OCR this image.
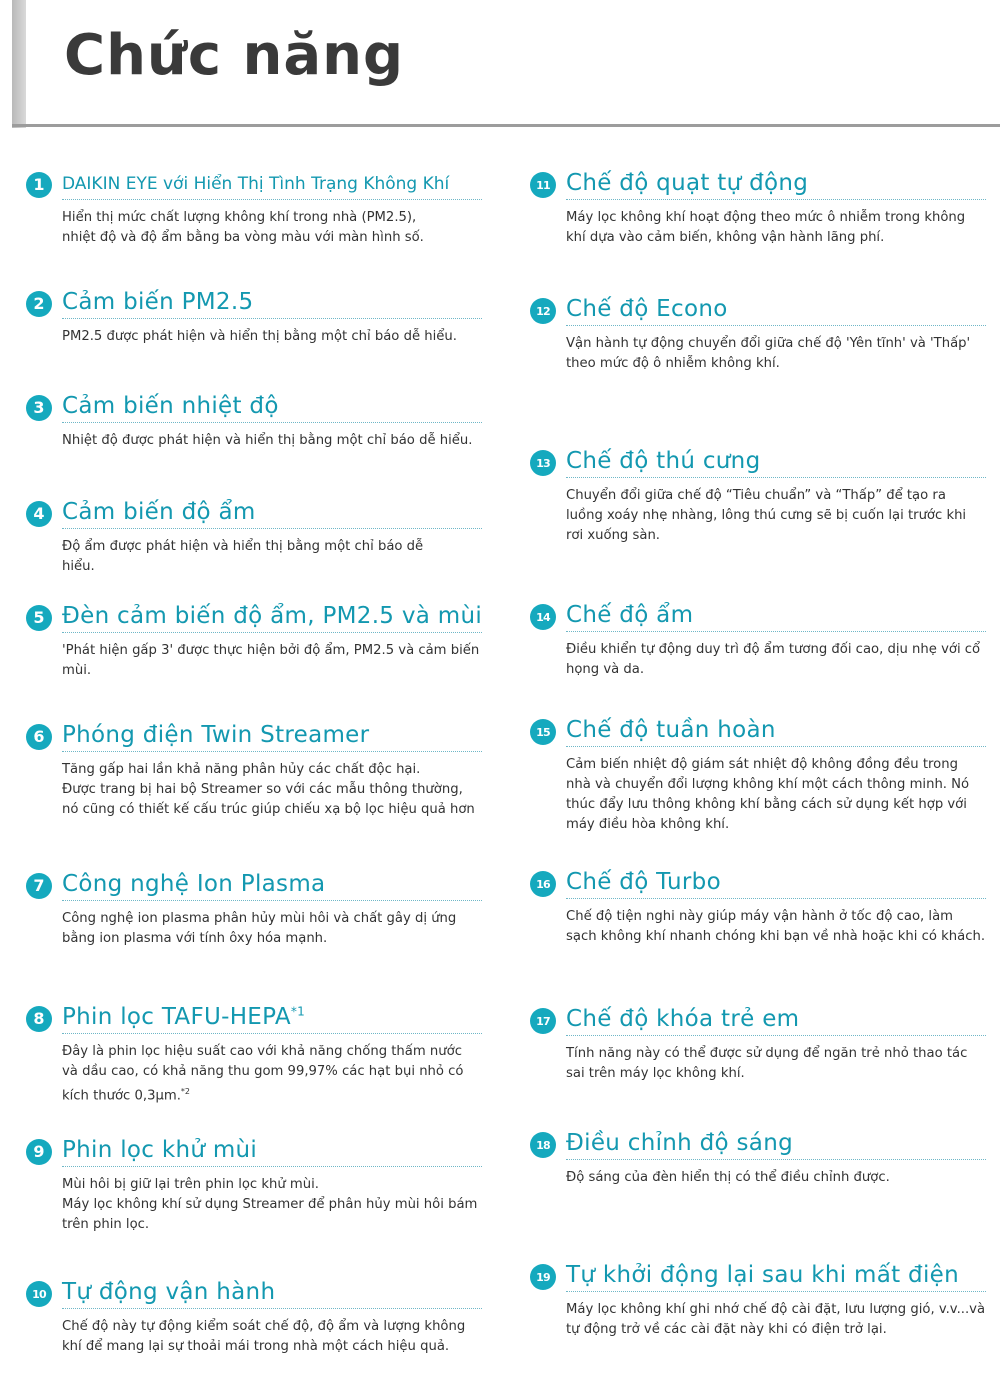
Chức năng
1	DAIKIN EYE với Hiển Thị Tình Trạng Không Khí

Hiển thị mức chất lượng không khí trong nhà (PM2.5), nhiệt độ và độ ẩm bằng ba vòng màu với màn hình số.

2 Cảm biến PM2.5

PM2.5 được phát hiện và hiển thị bằng một chỉ báo dễ hiểu.

3 Cảm biến nhiệt độ

Nhiệt độ được phát hiện và hiển thị bằng một chỉ báo dễ hiểu.

4 Cảm biến độ ẩm

Độ ẩm được phát hiện và hiển thị bằng một chỉ báo dễ hiểu.

5 Đèn cảm biến độ ẩm, PM2.5 và mùi

'Phát hiện gấp 3' được thực hiện bởi độ ẩm, PM2.5 và cảm biến mùi.

6 Phóng điện Twin Streamer

Tăng gấp hai lần khả năng phân hủy các chất độc hại.

Được trang bị hai bộ Streamer so với các mẫu thông thường, nó cũng có thiết kế cấu trúc giúp chiếu xạ bộ lọc hiệu quả hơn

7 Công nghệ Ion Plasma

Công nghệ ion plasma phân hủy mùi hôi và chất gây dị ứng bằng ion plasma với tính ôxy hóa mạnh.

8 Phin lọc TAFU-HEPA$^{*1}$

Đây là phin lọc hiệu suất cao với khả năng chống thấm nước và dầu cao, có khả năng thu gom 99,97% các hạt bụi nhỏ có kích thước 0,3µm.$^{*2}$

9 Phin lọc khử mùi

Mùi hôi bị giữ lại trên phin lọc khử mùi.

Máy lọc không khí sử dụng Streamer để phân hủy mùi hôi bám trên phin lọc.

10 Tự động vận hành

Chế độ này tự động kiểm soát chế độ, độ ẩm và lượng không khí để mang lại sự thoải mái trong nhà một cách hiệu quả.

11 Chế độ quạt tự động

Máy lọc không khí hoạt động theo mức ô nhiễm trong không khí dựa vào cảm biến, không vận hành lãng phí.

12 Chế độ Econo

Vận hành tự động chuyển đổi giữa chế độ 'Yên tĩnh' và 'Thấp' theo mức độ ô nhiễm không khí.

13 Chế độ thú cưng

Chuyển đổi giữa chế độ “Tiêu chuẩn” và “Thấp” để tạo ra luồng xoáy nhẹ nhàng, lông thú cưng sẽ bị cuốn lại trước khi rơi xuống sàn.

14 Chế độ ẩm

Điều khiển tự động duy trì độ ẩm tương đối cao, dịu nhẹ với cổ họng và da.

15 Chế độ tuần hoàn

Cảm biến nhiệt độ giám sát nhiệt độ không đồng đều trong nhà và chuyển đổi lượng không khí một cách thông minh. Nó thúc đẩy lưu thông không khí bằng cách sử dụng kết hợp với máy điều hòa không khí.

16 Chế độ Turbo

Chế độ tiện nghi này giúp máy vận hành ở tốc độ cao, làm sạch không khí nhanh chóng khi bạn về nhà hoặc khi có khách.

17 Chế độ khóa trẻ em

Tính năng này có thể được sử dụng để ngăn trẻ nhỏ thao tác sai trên máy lọc không khí.

18 Điều chỉnh độ sáng

Độ sáng của đèn hiển thị có thể điều chỉnh được.

19 Tự khởi động lại sau khi mất điện

Máy lọc không khí ghi nhớ chế độ cài đặt, lưu lượng gió, v.v...và tự động trở về các cài đặt này khi có điện trở lại.
